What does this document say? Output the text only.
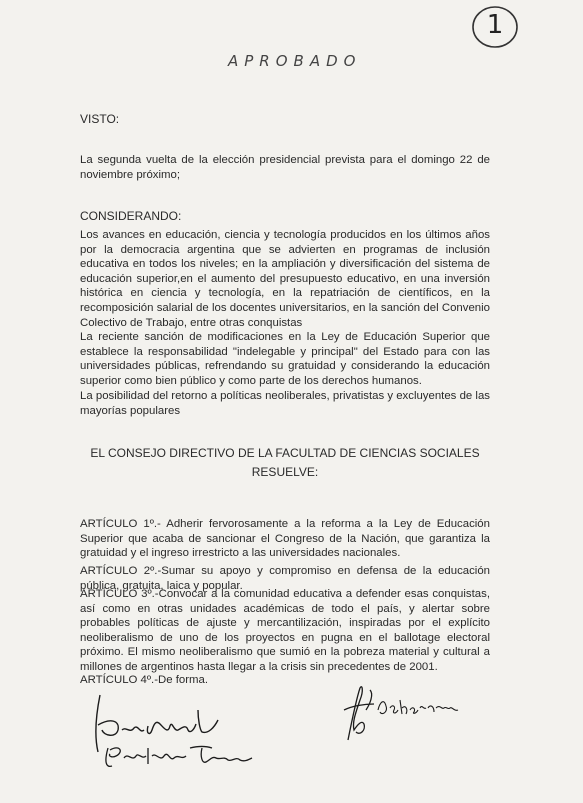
1
APROBADO
VISTO:
La segunda vuelta de la elección presidencial prevista para el domingo 22 de noviembre próximo;
CONSIDERANDO:
Los avances en educación, ciencia y tecnología producidos en los últimos años por la democracia argentina que se advierten en programas de inclusión educativa en todos los niveles; en la ampliación y diversificación del sistema de educación superior,en el aumento del presupuesto educativo, en una inversión histórica en ciencia y tecnología, en la repatriación de científicos, en la recomposición salarial de los docentes universitarios, en la sanción del Convenio Colectivo de Trabajo, entre otras conquistas
La reciente sanción de modificaciones en la Ley de Educación Superior que establece la responsabilidad "indelegable y principal" del Estado para con las universidades públicas, refrendando su gratuidad y considerando la educación superior como bien público y como parte de los derechos humanos.
La posibilidad del retorno a políticas neoliberales, privatistas y excluyentes de las mayorías populares
EL CONSEJO DIRECTIVO DE LA FACULTAD DE CIENCIAS SOCIALES
RESUELVE:
ARTÍCULO 1º.- Adherir fervorosamente a la reforma a la Ley de Educación Superior que acaba de sancionar el Congreso de la Nación, que garantiza la gratuidad y el ingreso irrestricto a las universidades nacionales.
ARTÍCULO 2º.-Sumar su apoyo y compromiso en defensa de la educación pública, gratuita, laica y popular.
ARTÍCULO 3º.-Convocar a la comunidad educativa a defender esas conquistas, así como en otras unidades académicas de todo el país, y alertar sobre probables políticas de ajuste y mercantilización, inspiradas por el explícito neoliberalismo de uno de los proyectos en pugna en el ballotage electoral próximo. El mismo neoliberalismo que sumió en la pobreza material y cultural a millones de argentinos hasta llegar a la crisis sin precedentes de 2001.
ARTÍCULO 4º.-De forma.
